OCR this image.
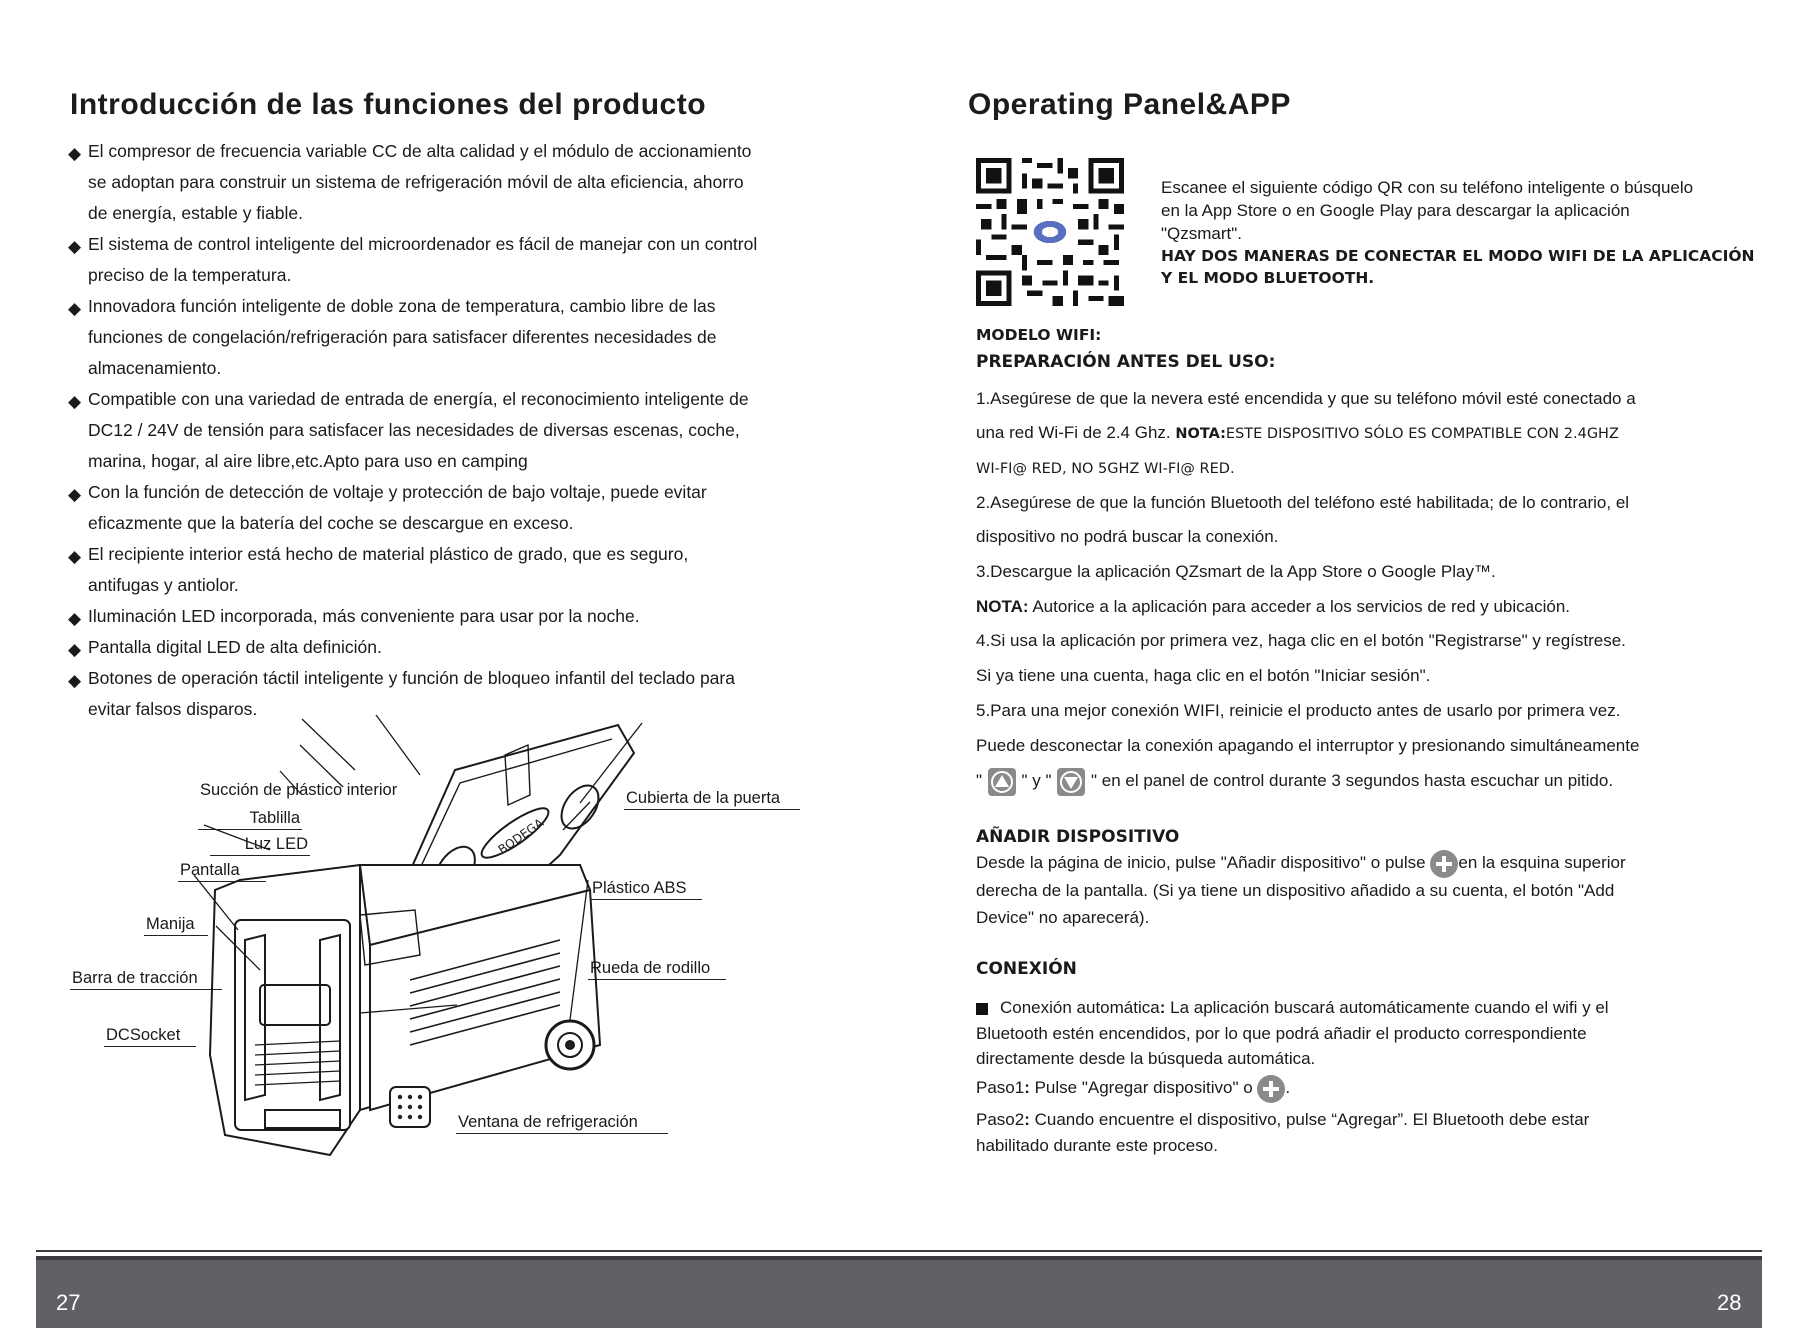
Introducción de las funciones del producto
◆ El compresor de frecuencia variable CC de alta calidad y el módulo de accionamiento
se adoptan para construir un sistema de refrigeración móvil de alta eficiencia, ahorro
de energía, estable y fiable.
◆ El sistema de control inteligente del microordenador es fácil de manejar con un control
preciso de la temperatura.
◆ Innovadora función inteligente de doble zona de temperatura, cambio libre de las
funciones de congelación/refrigeración para satisfacer diferentes necesidades de
almacenamiento.
◆ Compatible con una variedad de entrada de energía, el reconocimiento inteligente de
DC12 / 24V de tensión para satisfacer las necesidades de diversas escenas, coche,
marina, hogar, al aire libre,etc.Apto para uso en camping
◆ Con la función de detección de voltaje y protección de bajo voltaje, puede evitar
eficazmente que la batería del coche se descargue en exceso.
◆ El recipiente interior está hecho de material plástico de grado, que es seguro,
antifugas y antiolor.
◆ Iluminación LED incorporada, más conveniente para usar por la noche.
◆ Pantalla digital LED de alta definición.
◆ Botones de operación táctil inteligente y función de bloqueo infantil del teclado para
evitar falsos disparos.
BODEGA
Succión de plástico interior
Tablilla
Luz LED
Pantalla
Manija
Barra de tracción
DCSocket
Cubierta de la puerta
Plástico ABS
Rueda de rodillo
Ventana de refrigeración
Operating Panel&APP
Escanee el siguiente código QR con su teléfono inteligente o búsquelo
en la App Store o en Google Play para descargar la aplicación
"Qzsmart".
HAY DOS MANERAS DE CONECTAR EL MODO WIFI DE LA APLICACIÓN
Y EL MODO BLUETOOTH.
MODELO WIFI:
PREPARACIÓN ANTES DEL USO:
1.Asegúrese de que la nevera esté encendida y que su teléfono móvil esté conectado a
una red Wi-Fi de 2.4 Ghz. NOTA:ESTE DISPOSITIVO SÓLO ES COMPATIBLE CON 2.4GHZ
WI-FI@ RED, NO 5GHZ WI-FI@ RED.
2.Asegúrese de que la función Bluetooth del teléfono esté habilitada; de lo contrario, el
dispositivo no podrá buscar la conexión.
3.Descargue la aplicación QZsmart de la App Store o Google Play™.
NOTA: Autorice a la aplicación para acceder a los servicios de red y ubicación.
4.Si usa la aplicación por primera vez, haga clic en el botón "Registrarse" y regístrese.
Si ya tiene una cuenta, haga clic en el botón "Iniciar sesión".
5.Para una mejor conexión WIFI, reinicie el producto antes de usarlo por primera vez.
Puede desconectar la conexión apagando el interruptor y presionando simultáneamente
" " y " " en el panel de control durante 3 segundos hasta escuchar un pitido.
AÑADIR DISPOSITIVO
Desde la página de inicio, pulse "Añadir dispositivo" o pulse en la esquina superior
derecha de la pantalla. (Si ya tiene un dispositivo añadido a su cuenta, el botón "Add
Device" no aparecerá).
CONEXIÓN
Conexión automática: La aplicación buscará automáticamente cuando el wifi y el
Bluetooth estén encendidos, por lo que podrá añadir el producto correspondiente
directamente desde la búsqueda automática.
Paso1: Pulse "Agregar dispositivo" o .
Paso2: Cuando encuentre el dispositivo, pulse “Agregar”. El Bluetooth debe estar
habilitado durante este proceso.
27	28
